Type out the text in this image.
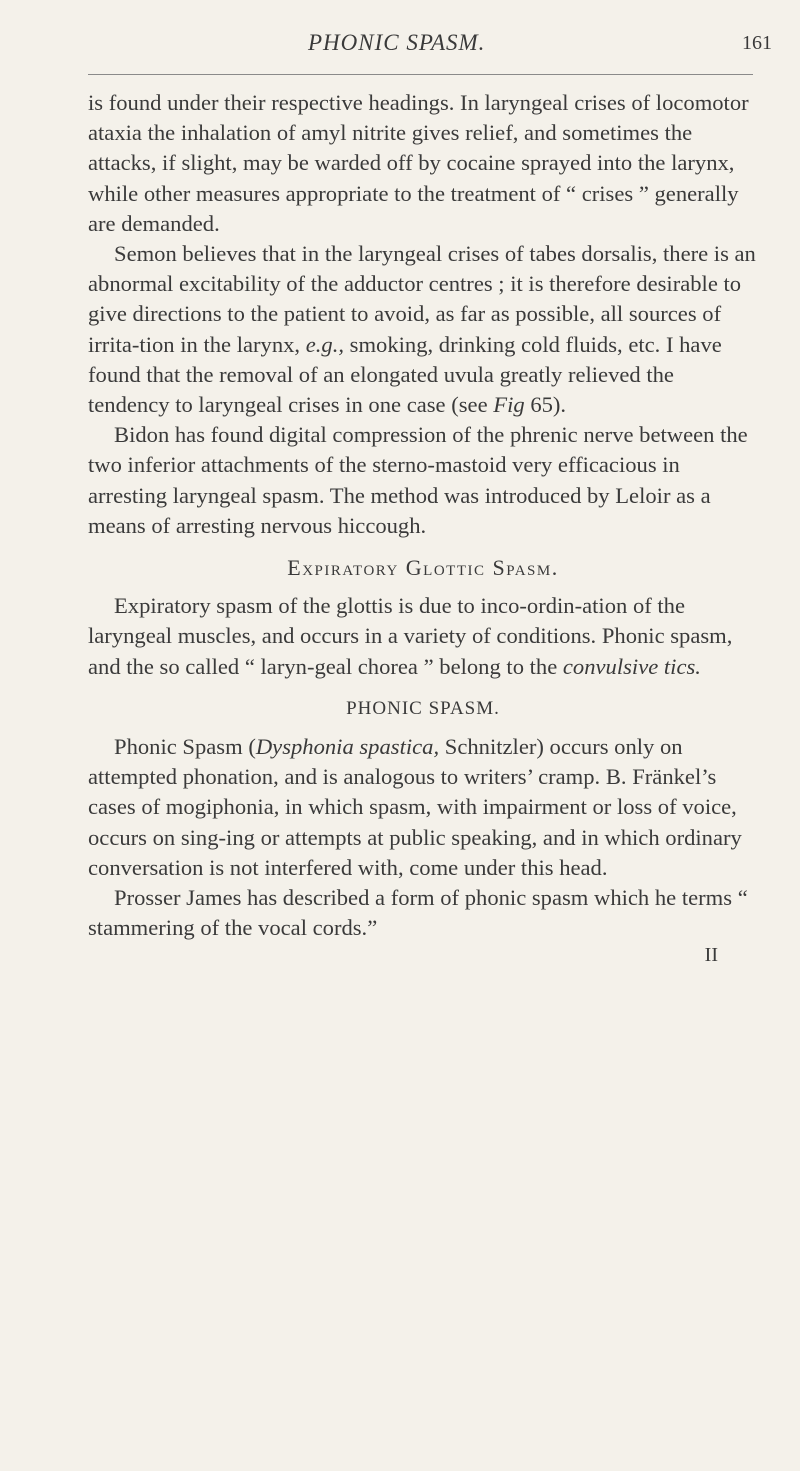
PHONIC SPASM.	161

is found under their respective headings. In laryngeal crises of locomotor ataxia the inhalation of amyl nitrite gives relief, and sometimes the attacks, if slight, may be warded off by cocaine sprayed into the larynx, while other measures appropriate to the treatment of “ crises ” generally are demanded.

Semon believes that in the laryngeal crises of tabes dorsalis, there is an abnormal excitability of the adductor centres ; it is therefore desirable to give directions to the patient to avoid, as far as possible, all sources of irrita-tion in the larynx, e.g., smoking, drinking cold fluids, etc. I have found that the removal of an elongated uvula greatly relieved the tendency to laryngeal crises in one case (see Fig 65).

Bidon has found digital compression of the phrenic nerve between the two inferior attachments of the sterno-mastoid very efficacious in arresting laryngeal spasm. The method was introduced by Leloir as a means of arresting nervous hiccough.

Expiratory Glottic Spasm.

Expiratory spasm of the glottis is due to inco-ordin-ation of the laryngeal muscles, and occurs in a variety of conditions. Phonic spasm, and the so called “ laryn-geal chorea ” belong to the convulsive tics.

PHONIC SPASM.

Phonic Spasm (Dysphonia spastica, Schnitzler) occurs only on attempted phonation, and is analogous to writers’ cramp. B. Fränkel’s cases of mogiphonia, in which spasm, with impairment or loss of voice, occurs on sing-ing or attempts at public speaking, and in which ordinary conversation is not interfered with, come under this head.

Prosser James has described a form of phonic spasm which he terms “ stammering of the vocal cords.”

II
